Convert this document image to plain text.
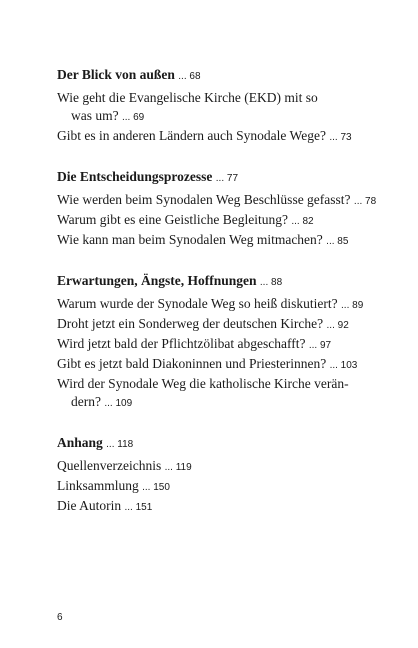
Der Blick von außen ... 68

Wie geht die Evangelische Kirche (EKD) mit so
was um? ... 69

Gibt es in anderen Ländern auch Synodale Wege? ... 73

Die Entscheidungsprozesse ... 77

Wie werden beim Synodalen Weg Beschlüsse gefasst? ... 78

Warum gibt es eine Geistliche Begleitung? ... 82

Wie kann man beim Synodalen Weg mitmachen? ... 85

Erwartungen, Ängste, Hoffnungen ... 88

Warum wurde der Synodale Weg so heiß diskutiert? ... 89

Droht jetzt ein Sonderweg der deutschen Kirche? ... 92

Wird jetzt bald der Pflichtzölibat abgeschafft? ... 97

Gibt es jetzt bald Diakoninnen und Priesterinnen? ... 103

Wird der Synodale Weg die katholische Kirche verän-
dern? ... 109

Anhang ... 118

Quellenverzeichnis ... 119

Linksammlung ... 150

Die Autorin ... 151

6
